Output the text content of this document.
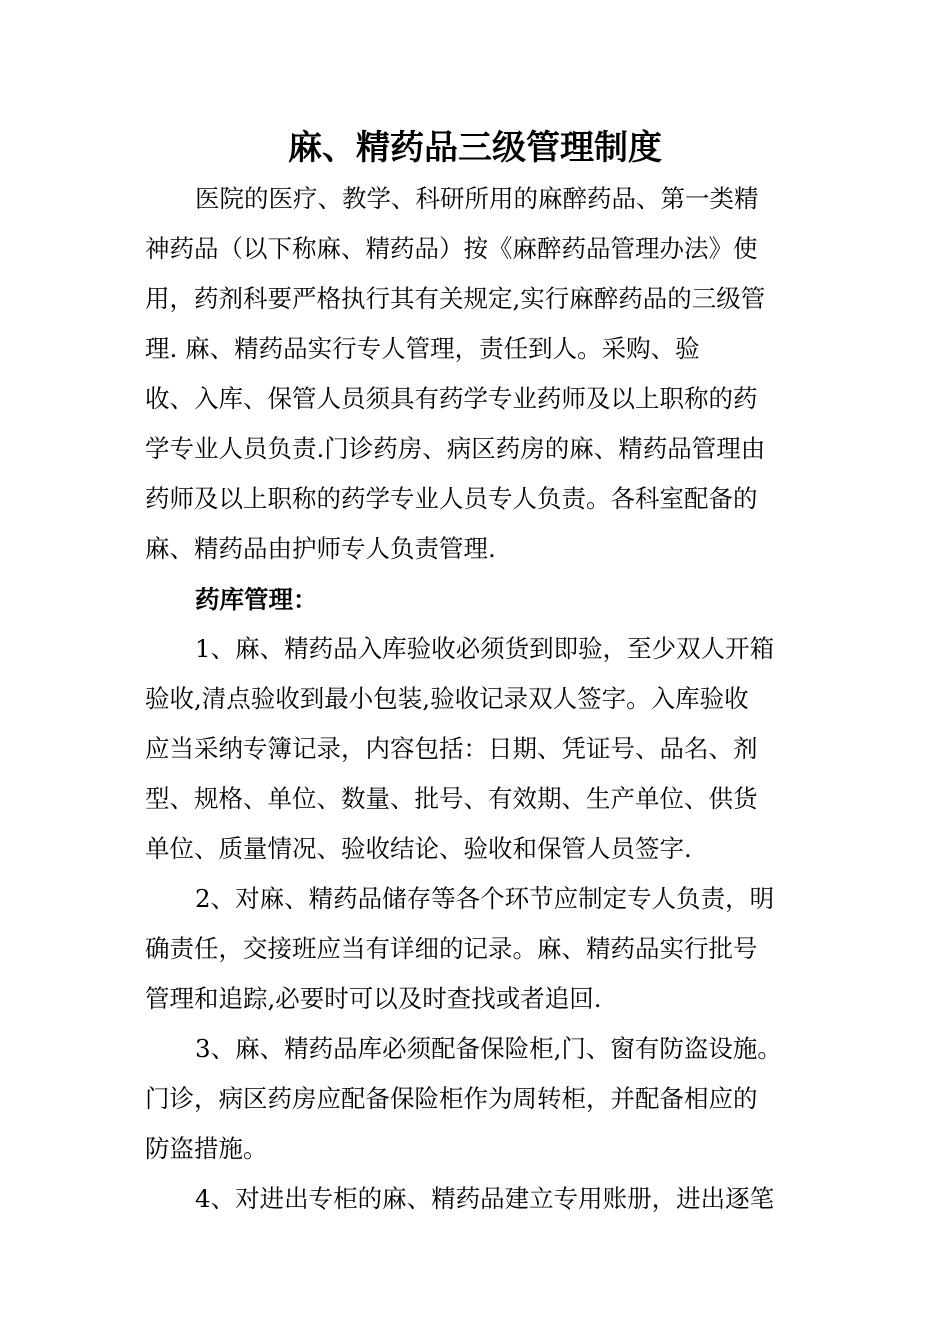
麻、精药品三级管理制度

医院的医疗、教学、科研所用的麻醉药品、第一类精

神药品（以下称麻、精药品）按《麻醉药品管理办法》使

用，药剂科要严格执行其有关规定,实行麻醉药品的三级管

理. 麻、精药品实行专人管理，责任到人。采购、验

收、入库、保管人员须具有药学专业药师及以上职称的药

学专业人员负责.门诊药房、病区药房的麻、精药品管理由

药师及以上职称的药学专业人员专人负责。各科室配备的

麻、精药品由护师专人负责管理.

药库管理：

1、麻、精药品入库验收必须货到即验，至少双人开箱

验收,清点验收到最小包装,验收记录双人签字。入库验收

应当采纳专簿记录，内容包括：日期、凭证号、品名、剂

型、规格、单位、数量、批号、有效期、生产单位、供货

单位、质量情况、验收结论、验收和保管人员签字.

2、对麻、精药品储存等各个环节应制定专人负责，明

确责任，交接班应当有详细的记录。麻、精药品实行批号

管理和追踪,必要时可以及时查找或者追回.

3、麻、精药品库必须配备保险柜,门、窗有防盗设施。

门诊，病区药房应配备保险柜作为周转柜，并配备相应的

防盗措施。

4、对进出专柜的麻、精药品建立专用账册，进出逐笔
